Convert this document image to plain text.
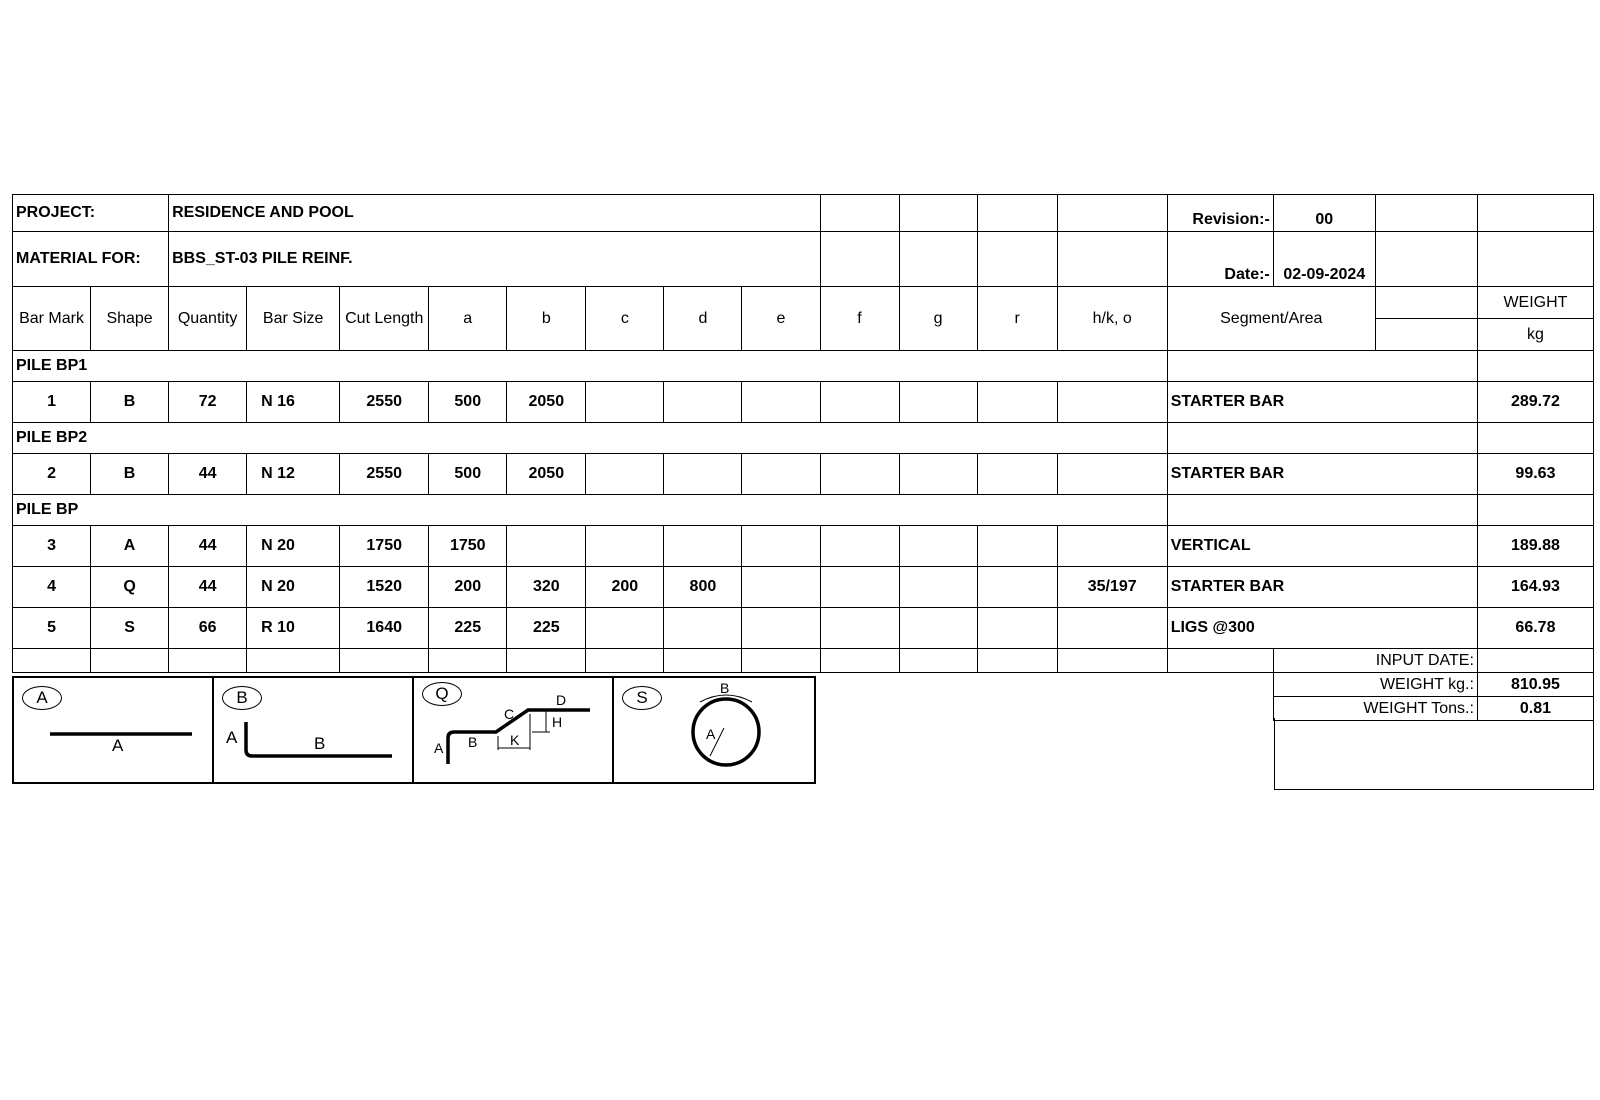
PROJECT:		RESIDENCE AND POOL												Revision:-	00		
MATERIAL FOR:		BBS_ST-03 PILE REINF.												Date:-	02-09-2024		
Bar Mark	Shape	Quantity	Bar Size	Cut Length	a	b	c	d	e	f	g	r	h/k, o	Segment/Area			WEIGHT
																	kg
PILE BP1																	
1	B	72	N 16	2550	500	2050								STARTER BAR			289.72
PILE BP2																	
2	B	44	N 12	2550	500	2050								STARTER BAR			99.63
PILE BP																	
3	A	44	N 20	1750	1750									VERTICAL			189.88
4	Q	44	N 20	1520	200	320	200	800					35/197	STARTER BAR			164.93
5	S	66	R 10	1640	225	225								LIGS @300			66.78
															INPUT DATE:		
															WEIGHT kg.:		810.95
															WEIGHT Tons.:		0.81
A
A
B
A	B
Q
A B
C
D
H
K
S	B
A
